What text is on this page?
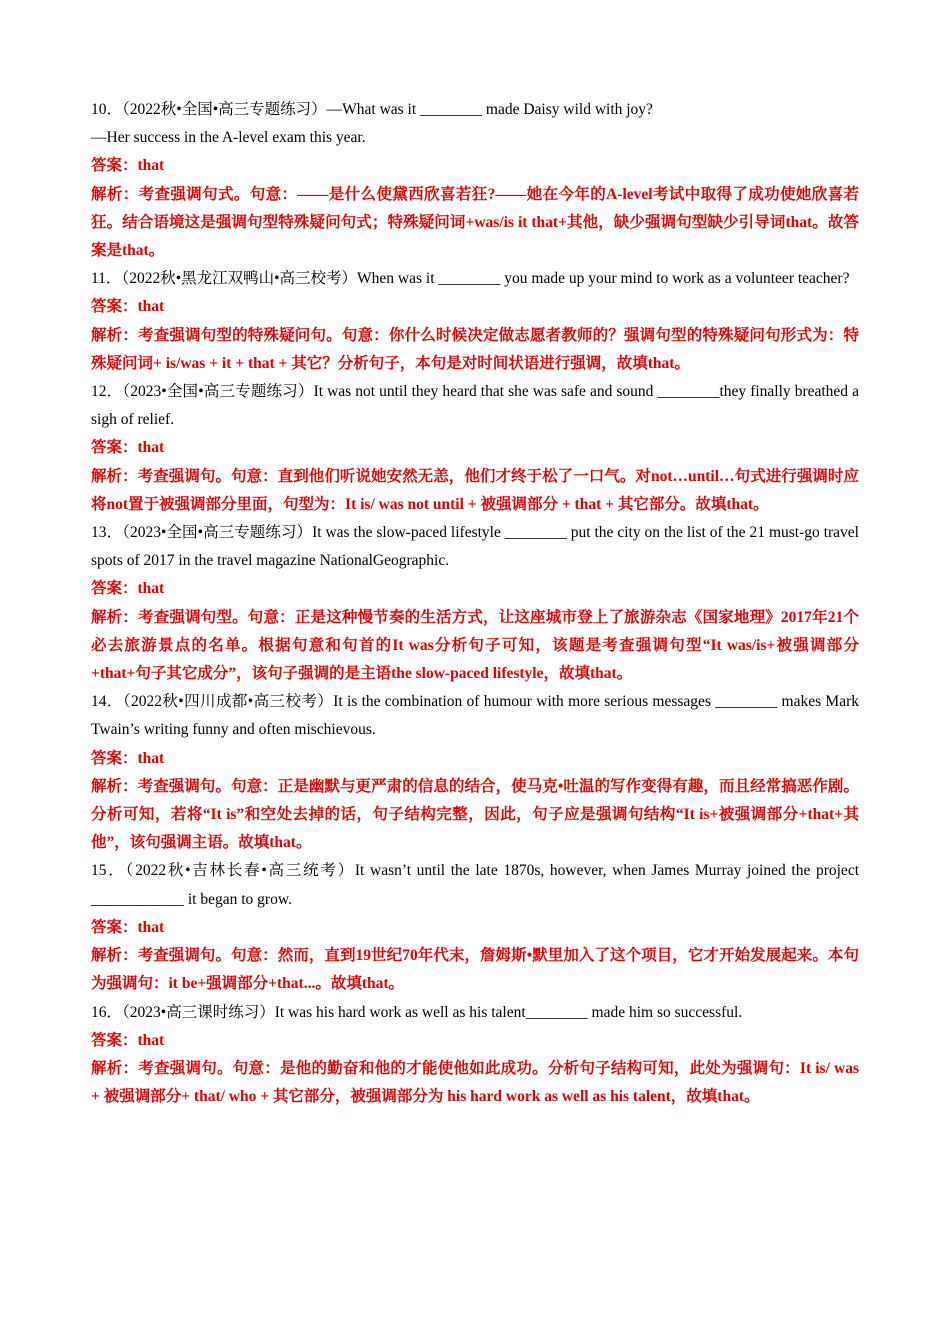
10．（2022秋•全国•高三专题练习）—What was it ________ made Daisy wild with joy?

—Her success in the A-level exam this year.

答案：that

解析：考查强调句式。句意：——是什么使黛西欣喜若狂?——她在今年的A-level考试中取得了成功使她欣喜若狂。结合语境这是强调句型特殊疑问句式；特殊疑问词+was/is it that+其他，缺少强调句型缺少引导词that。故答案是that。

11．（2022秋•黑龙江双鸭山•高三校考）When was it ________ you made up your mind to work as a volunteer teacher?

答案：that

解析：考查强调句型的特殊疑问句。句意：你什么时候决定做志愿者教师的？强调句型的特殊疑问句形式为：特殊疑问词+ is/was + it + that + 其它？分析句子，本句是对时间状语进行强调，故填that。

12．（2023•全国•高三专题练习）It was not until they heard that she was safe and sound ________they finally breathed a sigh of relief.

答案：that

解析：考查强调句。句意：直到他们听说她安然无恙，他们才终于松了一口气。对not…until…句式进行强调时应将not置于被强调部分里面，句型为：It is/ was not until + 被强调部分 + that + 其它部分。故填that。

13．（2023•全国•高三专题练习）It was the slow-paced lifestyle ________ put the city on the list of the 21 must-go travel spots of 2017 in the travel magazine NationalGeographic.

答案：that

解析：考查强调句型。句意：正是这种慢节奏的生活方式，让这座城市登上了旅游杂志《国家地理》2017年21个必去旅游景点的名单。根据句意和句首的It was分析句子可知，该题是考查强调句型“It was/is+被强调部分+that+句子其它成分”，该句子强调的是主语the slow-paced lifestyle，故填that。

14．（2022秋•四川成都•高三校考）It is the combination of humour with more serious messages ________ makes Mark Twain’s writing funny and often mischievous.

答案：that

解析：考查强调句。句意：正是幽默与更严肃的信息的结合，使马克•吐温的写作变得有趣，而且经常搞恶作剧。分析可知，若将“It is”和空处去掉的话，句子结构完整，因此，句子应是强调句结构“It is+被强调部分+that+其他”，该句强调主语。故填that。

15．（2022秋•吉林长春•高三统考）It wasn’t until the late 1870s, however, when James Murray joined the project ____________ it began to grow.

答案：that

解析：考查强调句。句意：然而，直到19世纪70年代末，詹姆斯•默里加入了这个项目，它才开始发展起来。本句为强调句：it be+强调部分+that...。故填that。

16．（2023•高三课时练习）It was his hard work as well as his talent________ made him so successful.

答案：that

解析：考查强调句。句意：是他的勤奋和他的才能使他如此成功。分析句子结构可知，此处为强调句：It is/ was + 被强调部分+ that/ who + 其它部分，被强调部分为 his hard work as well as his talent，故填that。
